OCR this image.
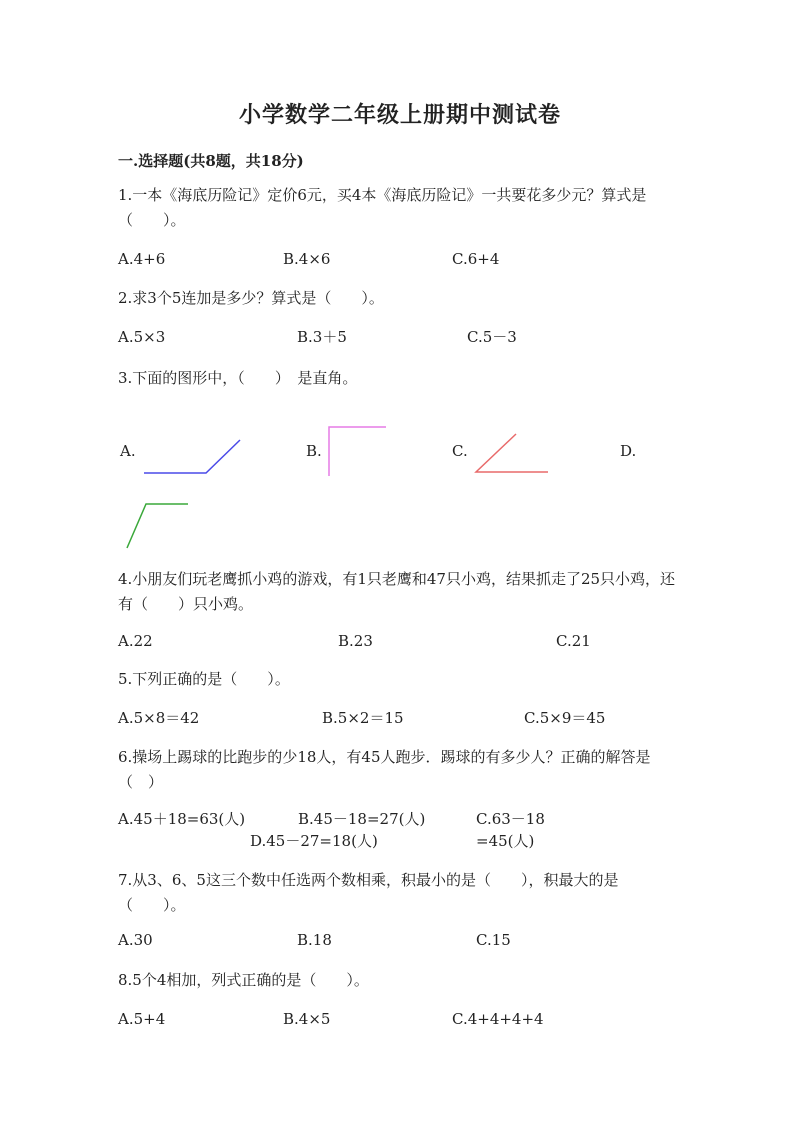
小学数学二年级上册期中测试卷
一.选择题(共8题，共18分)
1.一本《海底历险记》定价6元，买4本《海底历险记》一共要花多少元？算式是（　　）。
A.4+6	B.4×6	C.6+4
2.求3个5连加是多少？算式是（　　）。
A.5×3	B.3＋5	C.5－3
3.下面的图形中，（　　）　是直角。
A.	B.	C.	D.
4.小朋友们玩老鹰抓小鸡的游戏，有1只老鹰和47只小鸡，结果抓走了25只小鸡，还有（　　）只小鸡。
A.22	B.23	C.21
5.下列正确的是（　　）。
A.5×8＝42	B.5×2＝15	C.5×9＝45
6.操场上踢球的比跑步的少18人，有45人跑步．踢球的有多少人？正确的解答是（　）
A.45＋18=63(人)	B.45－18=27(人)	C.63－18=45(人)
D.45－27=18(人)
7.从3、6、5这三个数中任选两个数相乘，积最小的是（　　），积最大的是（　　）。
A.30	B.18	C.15
8.5个4相加，列式正确的是（　　）。
A.5+4	B.4×5	C.4+4+4+4
